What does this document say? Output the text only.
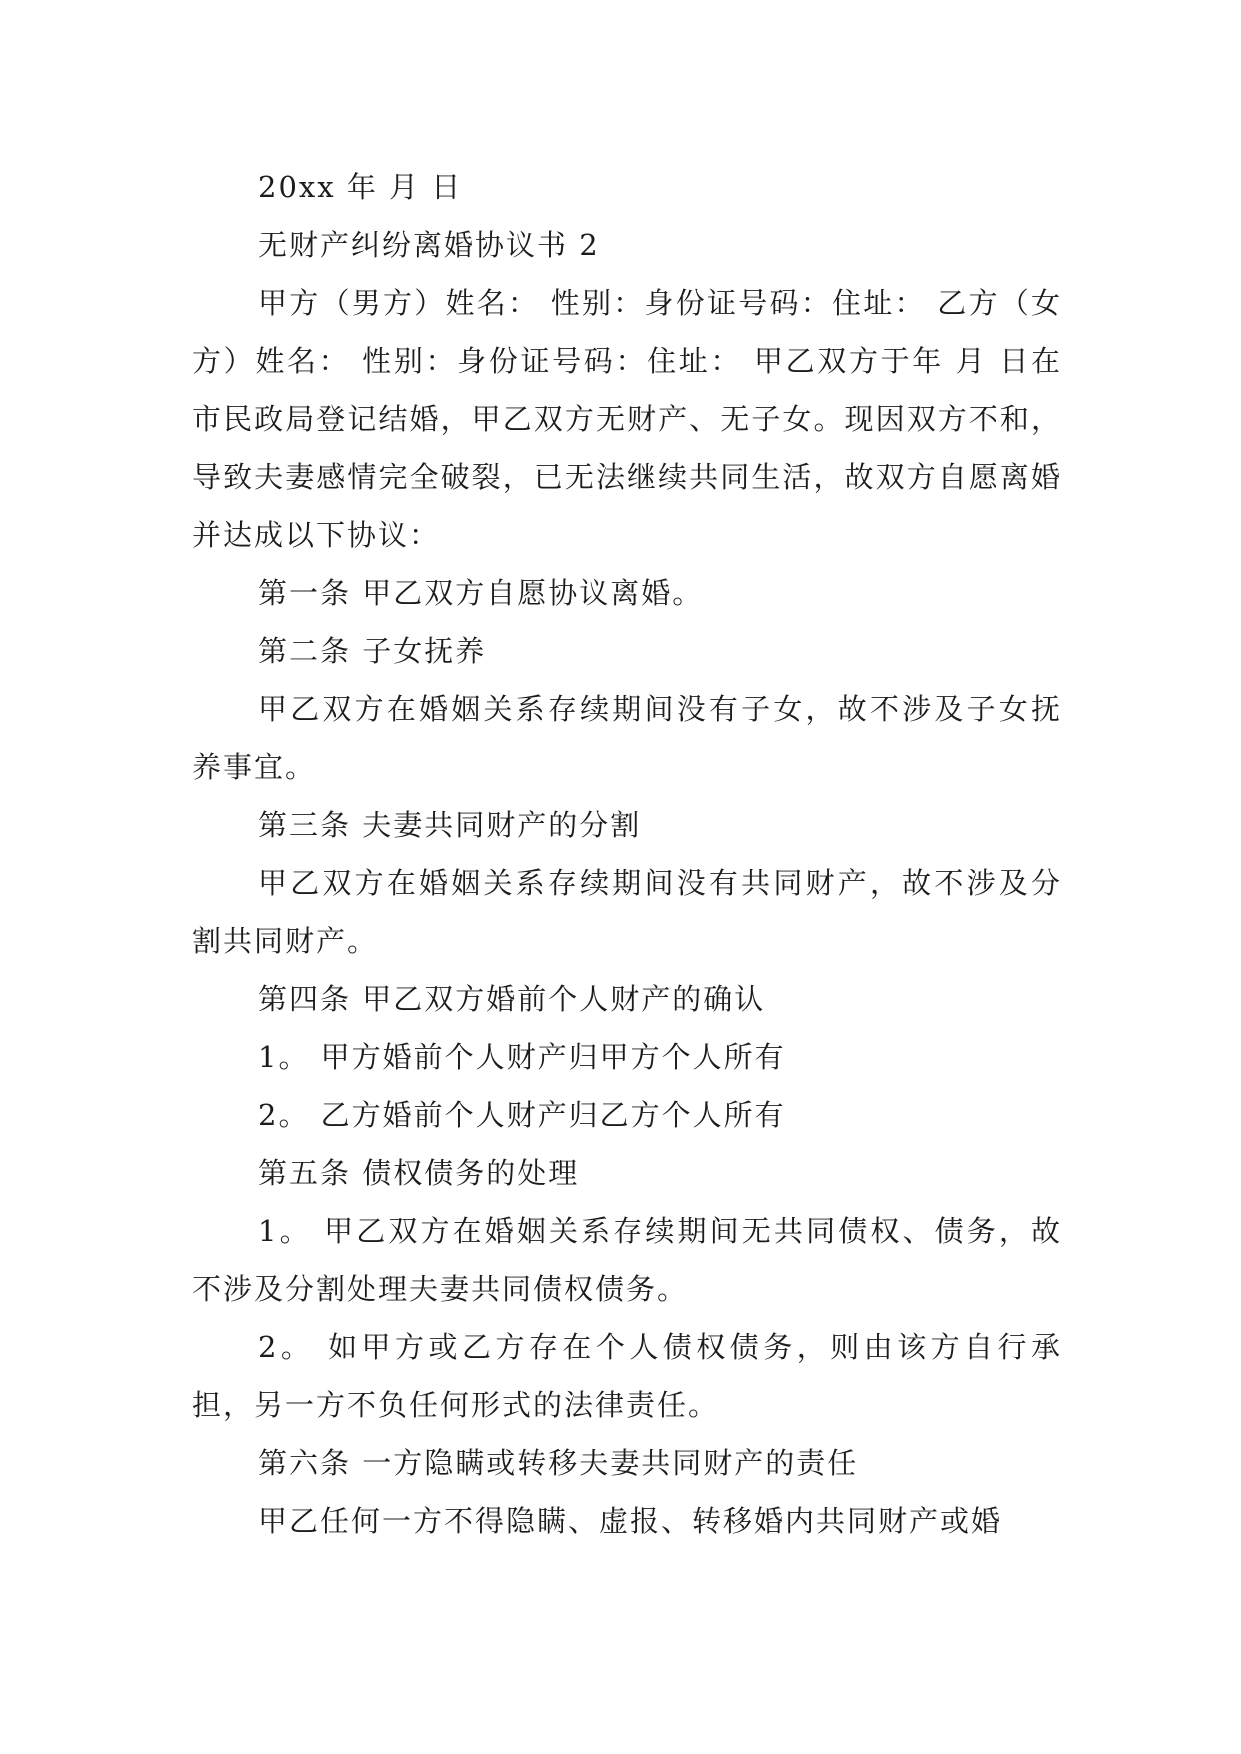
20xx 年 月 日

无财产纠纷离婚协议书 2

甲方（男方）姓名： 性别：身份证号码：住址： 乙方（女方）姓名： 性别：身份证号码：住址： 甲乙双方于年 月 日在市民政局登记结婚，甲乙双方无财产、无子女。现因双方不和，导致夫妻感情完全破裂，已无法继续共同生活，故双方自愿离婚并达成以下协议：

第一条 甲乙双方自愿协议离婚。

第二条 子女抚养

甲乙双方在婚姻关系存续期间没有子女，故不涉及子女抚养事宜。

第三条 夫妻共同财产的分割

甲乙双方在婚姻关系存续期间没有共同财产，故不涉及分割共同财产。

第四条 甲乙双方婚前个人财产的确认

1。 甲方婚前个人财产归甲方个人所有

2。 乙方婚前个人财产归乙方个人所有

第五条 债权债务的处理

1。 甲乙双方在婚姻关系存续期间无共同债权、债务，故不涉及分割处理夫妻共同债权债务。

2。 如甲方或乙方存在个人债权债务，则由该方自行承担，另一方不负任何形式的法律责任。

第六条 一方隐瞒或转移夫妻共同财产的责任

甲乙任何一方不得隐瞒、虚报、转移婚内共同财产或婚
